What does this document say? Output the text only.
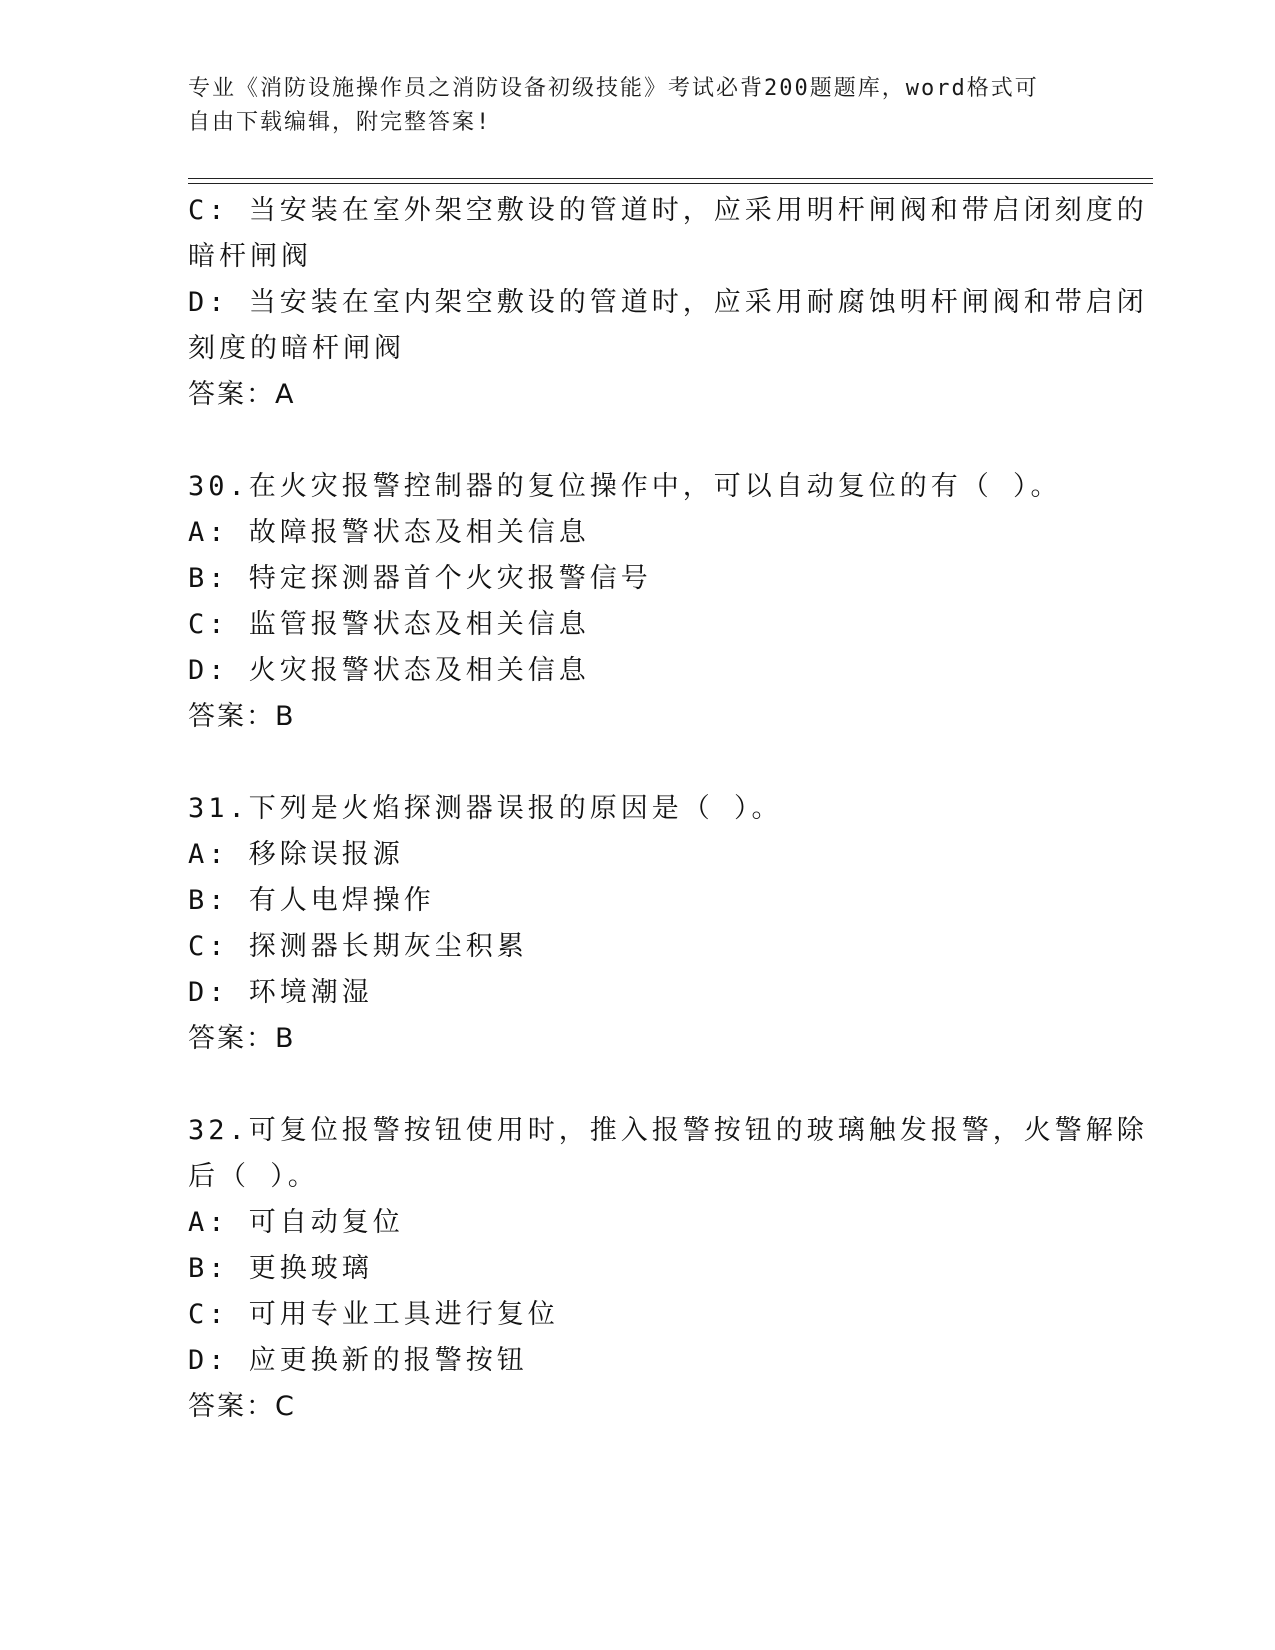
专业《消防设施操作员之消防设备初级技能》考试必背200题题库，word格式可
自由下载编辑，附完整答案!
C: 当安装在室外架空敷设的管道时，应采用明杆闸阀和带启闭刻度的
暗杆闸阀
D: 当安装在室内架空敷设的管道时，应采用耐腐蚀明杆闸阀和带启闭
刻度的暗杆闸阀
答案：A
30.在火灾报警控制器的复位操作中，可以自动复位的有（ ）。
A: 故障报警状态及相关信息
B: 特定探测器首个火灾报警信号
C: 监管报警状态及相关信息
D: 火灾报警状态及相关信息
答案：B
31.下列是火焰探测器误报的原因是（ ）。
A: 移除误报源
B: 有人电焊操作
C: 探测器长期灰尘积累
D: 环境潮湿
答案：B
32.可复位报警按钮使用时，推入报警按钮的玻璃触发报警，火警解除
后（ ）。
A: 可自动复位
B: 更换玻璃
C: 可用专业工具进行复位
D: 应更换新的报警按钮
答案：C
